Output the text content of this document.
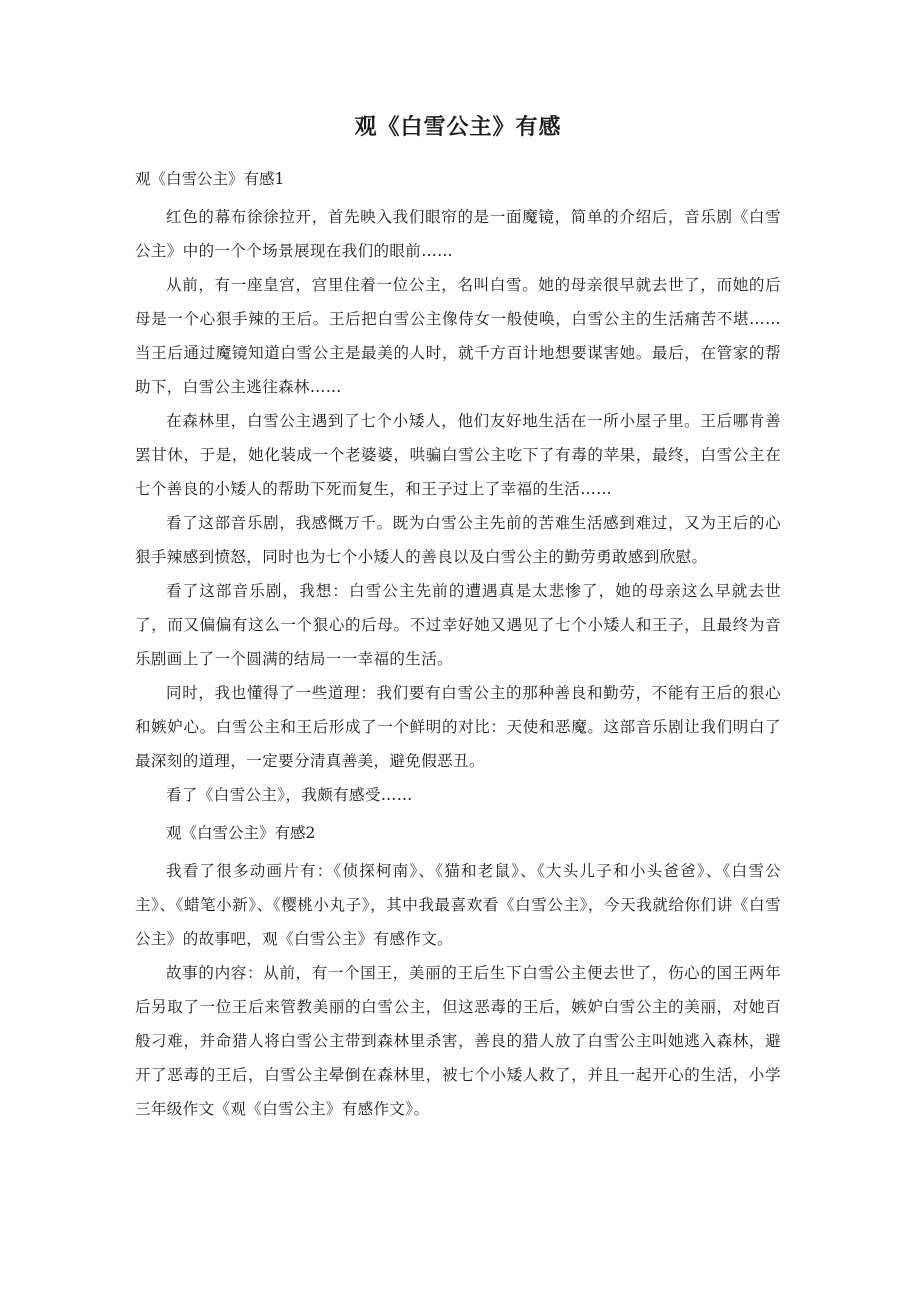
观《白雪公主》有感
观《白雪公主》有感1

红色的幕布徐徐拉开，首先映入我们眼帘的是一面魔镜，简单的介绍后，音乐剧《白雪公主》中的一个个场景展现在我们的眼前……

从前，有一座皇宫，宫里住着一位公主，名叫白雪。她的母亲很早就去世了，而她的后母是一个心狠手辣的王后。王后把白雪公主像侍女一般使唤，白雪公主的生活痛苦不堪……当王后通过魔镜知道白雪公主是最美的人时，就千方百计地想要谋害她。最后，在管家的帮助下，白雪公主逃往森林……

在森林里，白雪公主遇到了七个小矮人，他们友好地生活在一所小屋子里。王后哪肯善罢甘休，于是，她化装成一个老婆婆，哄骗白雪公主吃下了有毒的苹果，最终，白雪公主在七个善良的小矮人的帮助下死而复生，和王子过上了幸福的生活……

看了这部音乐剧，我感慨万千。既为白雪公主先前的苦难生活感到难过，又为王后的心狠手辣感到愤怒，同时也为七个小矮人的善良以及白雪公主的勤劳勇敢感到欣慰。

看了这部音乐剧，我想：白雪公主先前的遭遇真是太悲惨了，她的母亲这么早就去世了，而又偏偏有这么一个狠心的后母。不过幸好她又遇见了七个小矮人和王子，且最终为音乐剧画上了一个圆满的结局一一幸福的生活。

同时，我也懂得了一些道理：我们要有白雪公主的那种善良和勤劳，不能有王后的狠心和嫉妒心。白雪公主和王后形成了一个鲜明的对比：天使和恶魔。这部音乐剧让我们明白了最深刻的道理，一定要分清真善美，避免假恶丑。

看了《白雪公主》，我颇有感受……

观《白雪公主》有感2

我看了很多动画片有：《侦探柯南》、《猫和老鼠》、《大头儿子和小头爸爸》、《白雪公主》、《蜡笔小新》、《樱桃小丸子》，其中我最喜欢看《白雪公主》，今天我就给你们讲《白雪公主》的故事吧，观《白雪公主》有感作文。

故事的内容：从前，有一个国王，美丽的王后生下白雪公主便去世了，伤心的国王两年后另取了一位王后来管教美丽的白雪公主，但这恶毒的王后，嫉妒白雪公主的美丽，对她百般刁难，并命猎人将白雪公主带到森林里杀害，善良的猎人放了白雪公主叫她逃入森林，避开了恶毒的王后，白雪公主晕倒在森林里，被七个小矮人救了，并且一起开心的生活，小学三年级作文《观《白雪公主》有感作文》。
